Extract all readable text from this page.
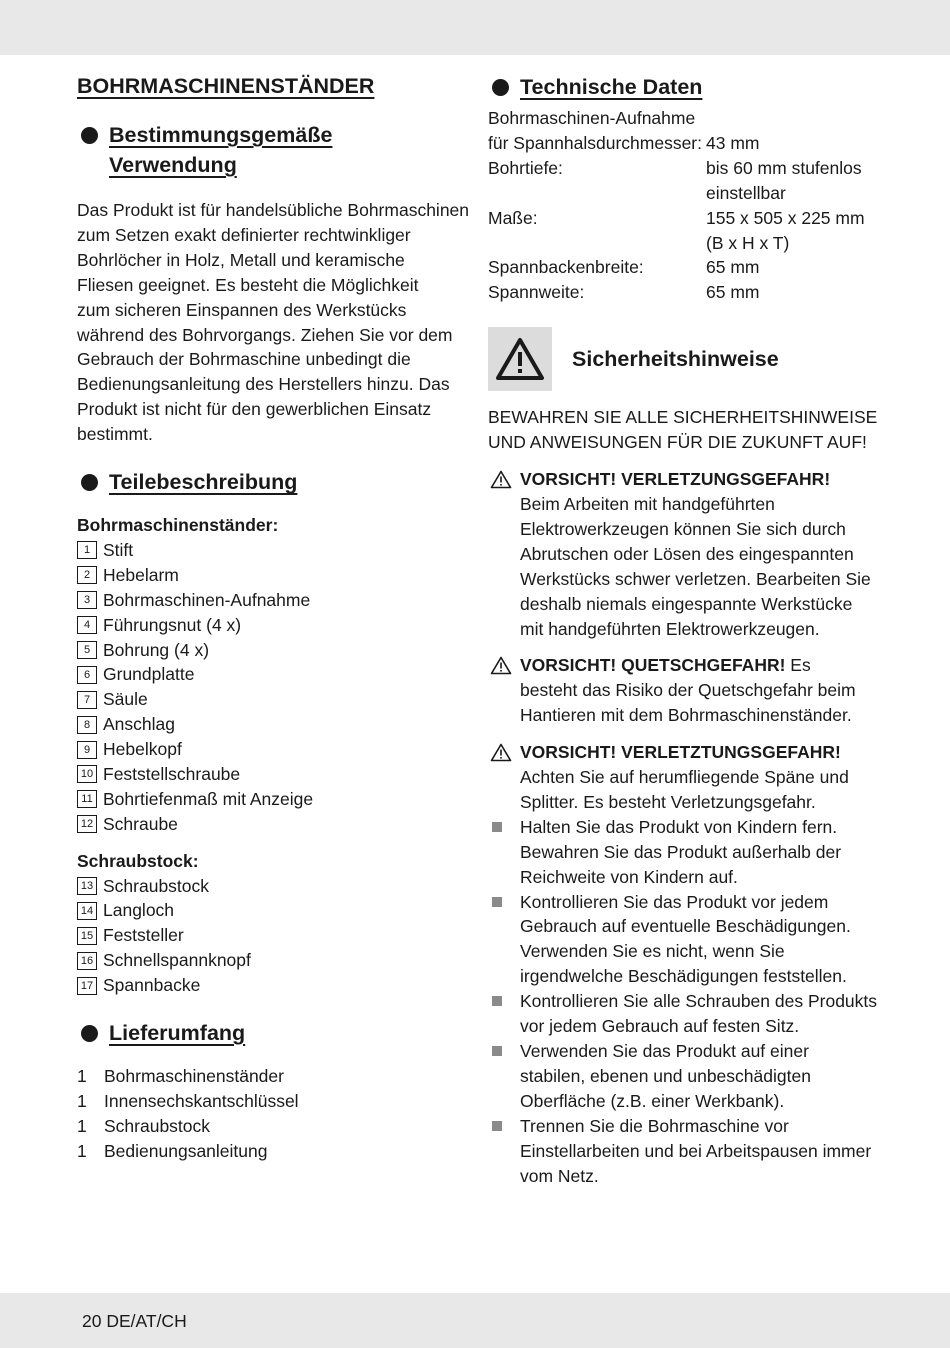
BOHRMASCHINENSTÄNDER
Bestimmungsgemäße
Verwendung

Das Produkt ist für handelsübliche Bohrmaschinen

zum Setzen exakt definierter rechtwinkliger

Bohrlöcher in Holz, Metall und keramische

Fliesen geeignet. Es besteht die Möglichkeit

zum sicheren Einspannen des Werkstücks

während des Bohrvorgangs. Ziehen Sie vor dem

Gebrauch der Bohrmaschine unbedingt die

Bedienungsanleitung des Herstellers hinzu. Das

Produkt ist nicht für den gewerblichen Einsatz

bestimmt.

Teilebeschreibung

Bohrmaschinenständer:

1 Stift
2 Hebelarm
3 Bohrmaschinen-Aufnahme
4 Führungsnut (4 x)
5 Bohrung (4 x)
6 Grundplatte
7 Säule
8 Anschlag
9 Hebelkopf
10 Feststellschraube
11 Bohrtiefenmaß mit Anzeige
12 Schraube

Schraubstock:

13 Schraubstock
14 Langloch
15 Feststeller
16 Schnellspannknopf
17 Spannbacke
Lieferumfang
1 Bohrmaschinenständer
1 Innensechskantschlüssel
1 Schraubstock
1 Bedienungsanleitung
Technische Daten
Bohrmaschinen-Aufnahme
für Spannhalsdurchmesser: 43 mm
Bohrtiefe:	bis 60 mm stufenlos
einstellbar
Maße:	155 x 505 x 225 mm
(B x H x T)
Spannbackenbreite:	65 mm
Spannweite:	65 mm
Sicherheitshinweise

BEWAHREN SIE ALLE SICHERHEITSHINWEISE

UND ANWEISUNGEN FÜR DIE ZUKUNFT AUF!

VORSICHT! VERLETZUNGSGEFAHR!

Beim Arbeiten mit handgeführten

Elektrowerkzeugen können Sie sich durch

Abrutschen oder Lösen des eingespannten

Werkstücks schwer verletzen. Bearbeiten Sie

deshalb niemals eingespannte Werkstücke

mit handgeführten Elektrowerkzeugen.

VORSICHT! QUETSCHGEFAHR! Es

besteht das Risiko der Quetschgefahr beim

Hantieren mit dem Bohrmaschinenständer.

VORSICHT! VERLETZTUNGSGEFAHR!

Achten Sie auf herumfliegende Späne und

Splitter. Es besteht Verletzungsgefahr.

Halten Sie das Produkt von Kindern fern.

Bewahren Sie das Produkt außerhalb der

Reichweite von Kindern auf.

Kontrollieren Sie das Produkt vor jedem

Gebrauch auf eventuelle Beschädigungen.

Verwenden Sie es nicht, wenn Sie

irgendwelche Beschädigungen feststellen.

Kontrollieren Sie alle Schrauben des Produkts

vor jedem Gebrauch auf festen Sitz.

Verwenden Sie das Produkt auf einer

stabilen, ebenen und unbeschädigten

Oberfläche (z.B. einer Werkbank).

Trennen Sie die Bohrmaschine vor

Einstellarbeiten und bei Arbeitspausen immer

vom Netz.

20 DE/AT/CH
